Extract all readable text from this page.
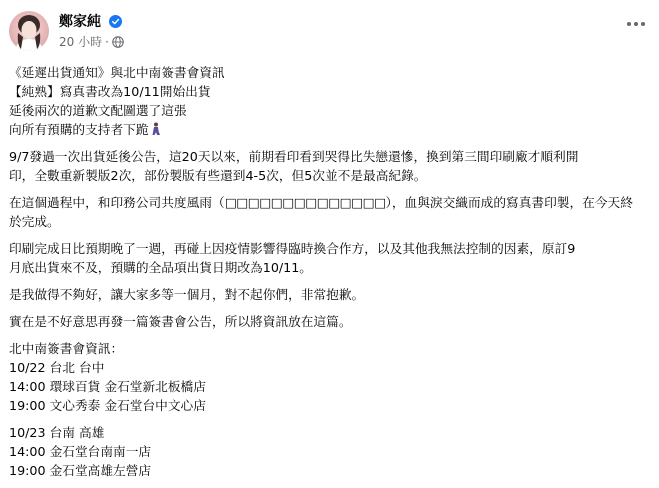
鄭家純
20 小時 ·

《延遲出貨通知》與北中南簽書會資訊
【純熟】寫真書改為10/11開始出貨
延後兩次的道歉文配圖選了這張
向所有預購的支持者下跪

9/7發過一次出貨延後公告，這20天以來，前期看印看到哭得比失戀還慘，換到第三間印刷廠才順利開
印，全數重新製版2次，部份製版有些還到4-5次，但5次並不是最高紀錄。

在這個過程中，和印務公司共度風雨（□□□□□□□□□□□□□□），血與淚交織而成的寫真書印製，在今天終
於完成。

印刷完成日比預期晚了一週，再碰上因疫情影響得臨時換合作方，以及其他我無法控制的因素，原訂9
月底出貨來不及，預購的全品項出貨日期改為10/11。

是我做得不夠好，讓大家多等一個月，對不起你們，非常抱歉。

實在是不好意思再發一篇簽書會公告，所以將資訊放在這篇。

北中南簽書會資訊：
10/22 台北 台中
14:00 環球百貨 金石堂新北板橋店
19:00 文心秀泰 金石堂台中文心店

10/23 台南 高雄
14:00 金石堂台南南一店
19:00 金石堂高雄左營店
